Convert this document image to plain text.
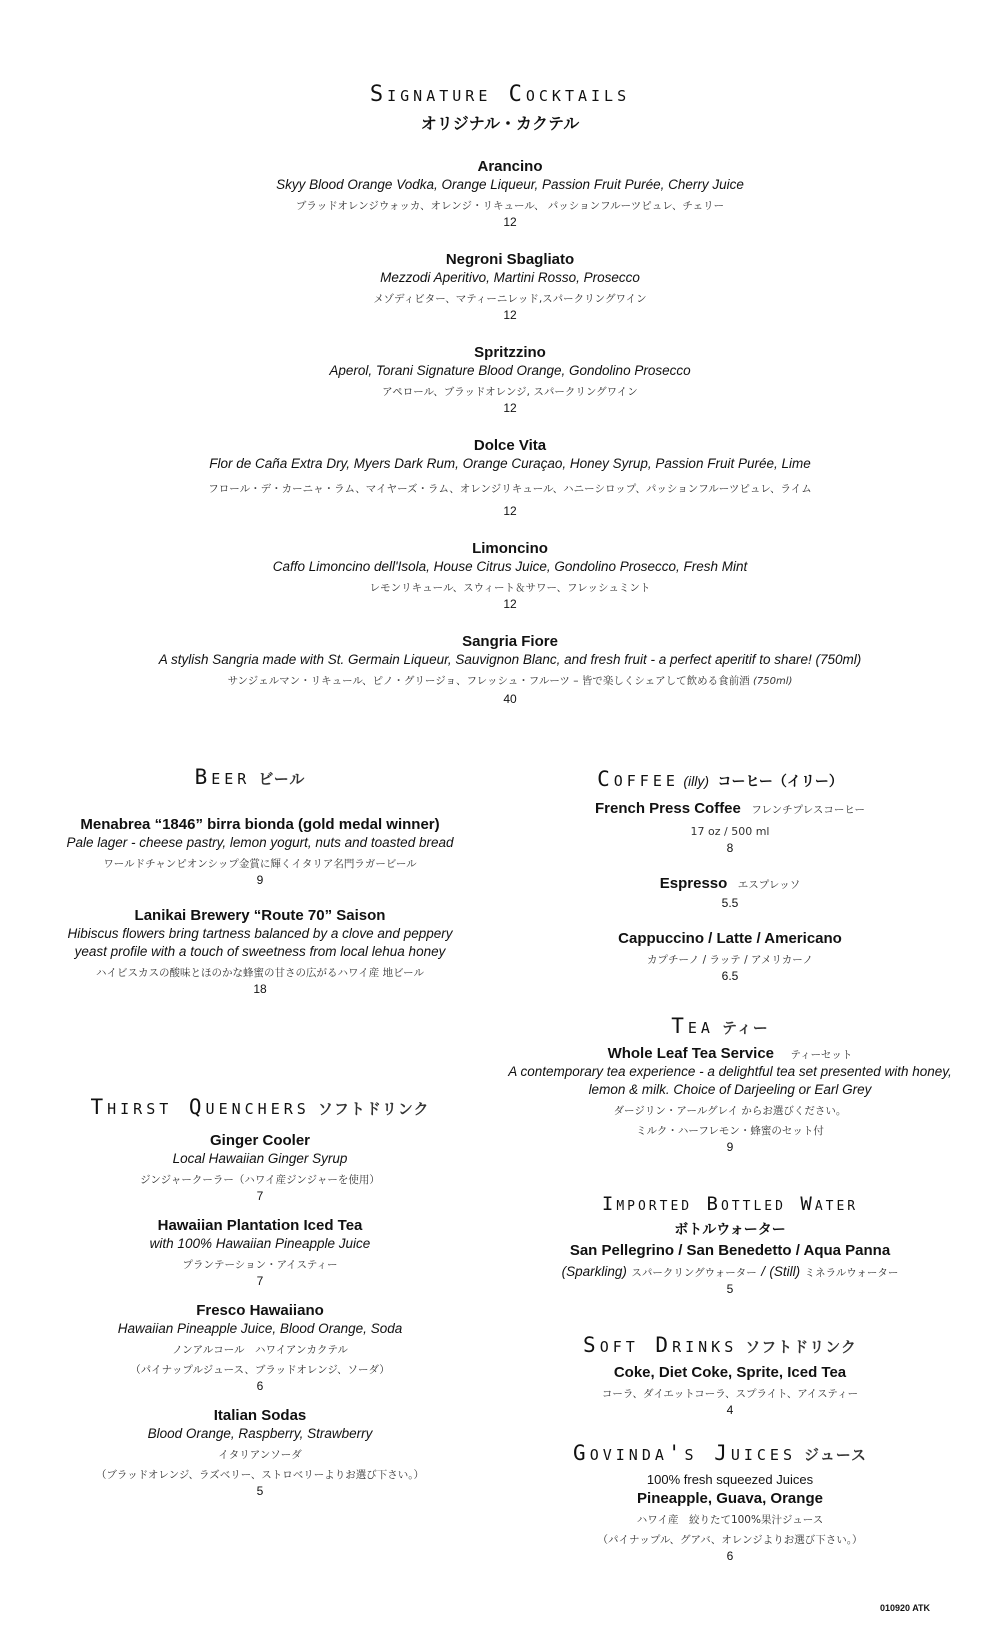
Signature Cocktails
オリジナル・カクテル
Arancino
Skyy Blood Orange Vodka, Orange Liqueur, Passion Fruit Purée, Cherry Juice
ブラッドオレンジウォッカ、オレンジ・リキュール、 パッションフルーツピュレ、チェリー
12
Negroni Sbagliato
Mezzodi Aperitivo, Martini Rosso, Prosecco
メゾディビター、マティーニレッド,スパークリングワイン
12
Spritzzino
Aperol, Torani Signature Blood Orange, Gondolino Prosecco
アペロール、ブラッドオレンジ, スパークリングワイン
12
Dolce Vita
Flor de Caña Extra Dry, Myers Dark Rum, Orange Curaçao, Honey Syrup, Passion Fruit Purée, Lime
フロール・デ・カーニャ・ラム、マイヤーズ・ラム、オレンジリキュール、ハニーシロップ、パッションフルーツピュレ、ライム
12
Limoncino
Caffo Limoncino dell'Isola, House Citrus Juice, Gondolino Prosecco, Fresh Mint
レモンリキュール、スウィート＆サワー、フレッシュミント
12
Sangria Fiore
A stylish Sangria made with St. Germain Liqueur, Sauvignon Blanc, and fresh fruit - a perfect aperitif to share! (750ml)
サンジェルマン・リキュール、ピノ・グリージョ、フレッシュ・フルーツ – 皆で楽しくシェアして飲める食前酒 (750ml)
40
Beer ビール
Menabrea “1846” birra bionda (gold medal winner)
Pale lager - cheese pastry, lemon yogurt, nuts and toasted bread
ワールドチャンピオンシップ金賞に輝くイタリア名門ラガービール
9
Lanikai Brewery “Route 70” Saison
Hibiscus flowers bring tartness balanced by a clove and peppery yeast profile with a touch of sweetness from local lehua honey
ハイビスカスの酸味とほのかな蜂蜜の甘さの広がるハワイ産 地ビール
18
Thirst Quenchers ソフトドリンク
Ginger Cooler
Local Hawaiian Ginger Syrup
ジンジャークーラー（ハワイ産ジンジャーを使用）
7
Hawaiian Plantation Iced Tea
with 100% Hawaiian Pineapple Juice
プランテーション・アイスティー
7
Fresco Hawaiiano
Hawaiian Pineapple Juice, Blood Orange, Soda
ノンアルコール　ハワイアンカクテル
（パイナップルジュース、ブラッドオレンジ、ソーダ）
6
Italian Sodas
Blood Orange, Raspberry, Strawberry
イタリアンソーダ
（ブラッドオレンジ、ラズベリー、ストロベリーよりお選び下さい。）
5
Coffee (illy) コーヒー（イリー）
French Press Coffee フレンチプレスコーヒー
17 oz / 500 ml
8
Espresso エスプレッソ
5.5
Cappuccino / Latte / Americano
カプチーノ / ラッテ / アメリカーノ
6.5
Tea ティー
Whole Leaf Tea Service ティーセット
A contemporary tea experience - a delightful tea set presented with honey, lemon & milk. Choice of Darjeeling or Earl Grey
ダージリン・アールグレイ からお選びください。
ミルク・ハーフレモン・蜂蜜のセット付
9
Imported Bottled Water
ボトルウォーター
San Pellegrino / San Benedetto / Aqua Panna
(Sparkling) スパークリングウォーター / (Still) ミネラルウォーター
5
Soft Drinks ソフトドリンク
Coke, Diet Coke, Sprite, Iced Tea
コーラ、ダイエットコーラ、スプライト、アイスティー
4
Govinda's Juices ジュース
100% fresh squeezed Juices
Pineapple, Guava, Orange
ハワイ産　絞りたて100%果汁ジュース
（パイナップル、グアバ、オレンジよりお選び下さい。）
6
010920 ATK
